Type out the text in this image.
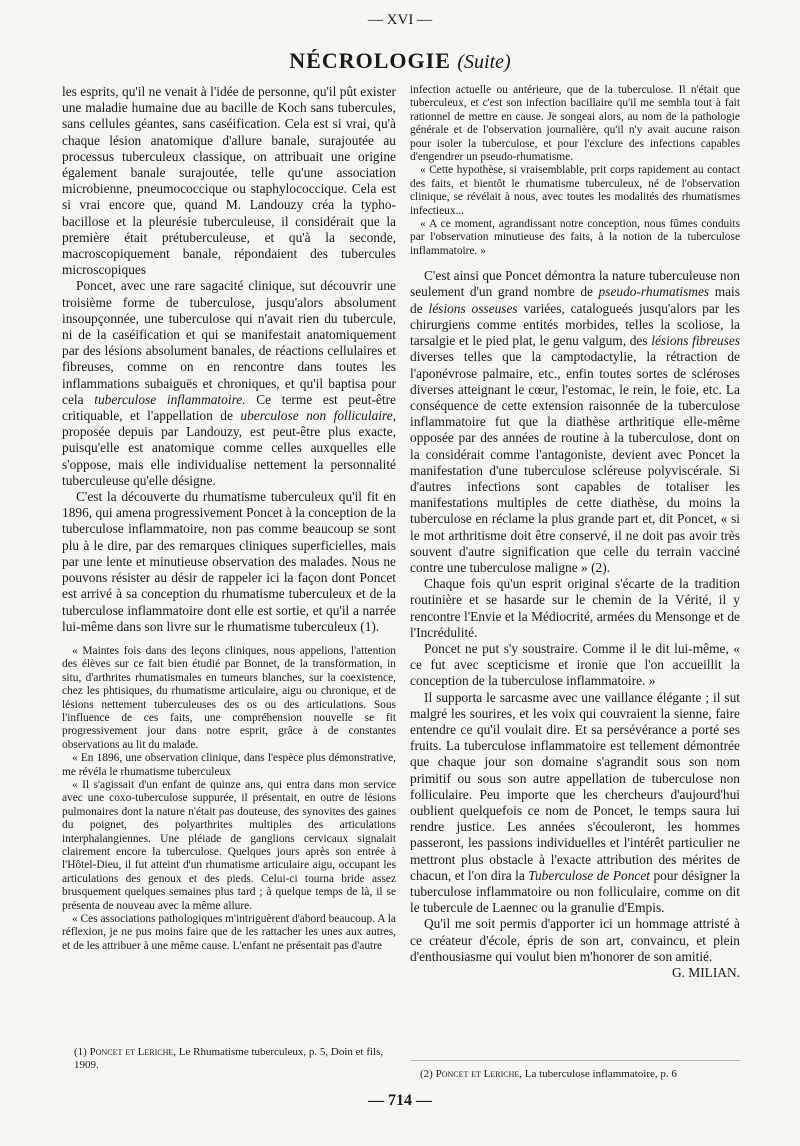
— XVI —
NÉCROLOGIE (Suite)

les esprits, qu'il ne venait à l'idée de personne, qu'il pût exister une maladie humaine due au bacille de Koch sans tubercules, sans cellules géantes, sans caséification. Cela est si vrai, qu'à chaque lésion anatomique d'allure banale, surajoutée au processus tuberculeux classique, on attribuait une origine également banale surajoutée, telle qu'une association microbienne, pneumococcique ou staphylococcique. Cela est si vrai encore que, quand M. Landouzy créa la typho-bacillose et la pleurésie tuberculeuse, il considérait que la première était prétuberculeuse, et qu'à la seconde, macroscopiquement banale, répondaient des tubercules microscopiques

Poncet, avec une rare sagacité clinique, sut découvrir une troisième forme de tuberculose, jusqu'alors absolument insoupçonnée, une tuberculose qui n'avait rien du tubercule, ni de la caséification et qui se manifestait anatomiquement par des lésions absolument banales, de réactions cellulaires et fibreuses, comme on en rencontre dans toutes les inflammations subaiguës et chroniques, et qu'il baptisa pour cela tuberculose inflammatoire. Ce terme est peut-être critiquable, et l'appellation de uberculose non folliculaire, proposée depuis par Landouzy, est peut-être plus exacte, puisqu'elle est anatomique comme celles auxquelles elle s'oppose, mais elle individualise nettement la personnalité tuberculeuse qu'elle désigne.

C'est la découverte du rhumatisme tuberculeux qu'il fit en 1896, qui amena progressivement Poncet à la conception de la tuberculose inflammatoire, non pas comme beaucoup se sont plu à le dire, par des remarques cliniques superficielles, mais par une lente et minutieuse observation des malades. Nous ne pouvons résister au désir de rappeler ici la façon dont Poncet est arrivé à sa conception du rhumatisme tuberculeux et de la tuberculose inflammatoire dont elle est sortie, et qu'il a narrée lui-même dans son livre sur le rhumatisme tuberculeux (1).

« Maintes fois dans des leçons cliniques, nous appelions, l'attention des élèves sur ce fait bien étudié par Bonnet, de la transformation, in situ, d'arthrites rhumatismales en tumeurs blanches, sur la coexistence, chez les phtisiques, du rhumatisme articulaire, aigu ou chronique, et de lésions nettement tuberculeuses des os ou des articulations. Sous l'influence de ces faits, une compréhension nouvelle se fit progressivement jour dans notre esprit, grâce à de constantes observations au lit du malade.

« En 1896, une observation clinique, dans l'espèce plus démonstrative, me révéla le rhumatisme tuberculeux

« Il s'agissait d'un enfant de quinze ans, qui entra dans mon service avec une coxo-tuberculose suppurée, il présentait, en outre de lésions pulmonaires dont la nature n'était pas douteuse, des synovites des gaines du poignet, des polyarthrites multiples des articulations interphalangiennes. Une pléiade de ganglions cervicaux signalait clairement encore la tuberculose. Quelques jours après son entrée à l'Hôtel-Dieu, il fut atteint d'un rhumatisme articulaire aigu, occupant les articulations des genoux et des pieds. Celui-ci tourna bride assez brusquement quelques semaines plus tard ; à quelque temps de là, il se présenta de nouveau avec la même allure.

« Ces associations pathologiques m'intriguèrent d'abord beaucoup. A la réflexion, je ne pus moins faire que de les rattacher les unes aux autres, et de les attribuer à une même cause. L'enfant ne présentait pas d'autre

(1) Poncet et Leriche, Le Rhumatisme tuberculeux, p. 5, Doin et fils, 1909.

infection actuelle ou antérieure, que de la tuberculose. Il n'était que tuberculeux, et c'est son infection bacillaire qu'il me sembla tout à fait rationnel de mettre en cause. Je songeai alors, au nom de la pathologie générale et de l'observation journalière, qu'il n'y avait aucune raison pour isoler la tuberculose, et pour l'exclure des infections capables d'engendrer un pseudo-rhumatisme.

« Cette hypothèse, si vraisemblable, prit corps rapidement au contact des faits, et bientôt le rhumatisme tuberculeux, né de l'observation clinique, se révélait à nous, avec toutes les modalités des rhumatismes infectieux...

« A ce moment, agrandissant notre conception, nous fûmes conduits par l'observation minutieuse des faits, à la notion de la tuberculose inflammatoire. »

C'est ainsi que Poncet démontra la nature tuberculeuse non seulement d'un grand nombre de pseudo-rhumatismes mais de lésions osseuses variées, catalogueés jusqu'alors par les chirurgiens comme entités morbides, telles la scoliose, la tarsalgie et le pied plat, le genu valgum, des lésions fibreuses diverses telles que la camptodactylie, la rétraction de l'aponévrose palmaire, etc., enfin toutes sortes de scléroses diverses atteignant le cœur, l'estomac, le rein, le foie, etc. La conséquence de cette extension raisonnée de la tuberculose inflammatoire fut que la diathèse arthritique elle-même opposée par des années de routine à la tuberculose, dont on la considérait comme l'antagoniste, devient avec Poncet la manifestation d'une tuberculose scléreuse polyviscérale. Si d'autres infections sont capables de totaliser les manifestations multiples de cette diathèse, du moins la tuberculose en réclame la plus grande part et, dit Poncet, « si le mot arthritisme doit être conservé, il ne doit pas avoir très souvent d'autre signification que celle du terrain vacciné contre une tuberculose maligne » (2).

Chaque fois qu'un esprit original s'écarte de la tradition routinière et se hasarde sur le chemin de la Vérité, il y rencontre l'Envie et la Médiocrité, armées du Mensonge et de l'Incrédulité.

Poncet ne put s'y soustraire. Comme il le dit lui-même, « ce fut avec scepticisme et ironie que l'on accueillit la conception de la tuberculose inflammatoire. »

Il supporta le sarcasme avec une vaillance élégante ; il sut malgré les sourires, et les voix qui couvraient la sienne, faire entendre ce qu'il voulait dire. Et sa persévérance a porté ses fruits. La tuberculose inflammatoire est tellement démontrée que chaque jour son domaine s'agrandit sous son nom primitif ou sous son autre appellation de tuberculose non folliculaire. Peu importe que les chercheurs d'aujourd'hui oublient quelquefois ce nom de Poncet, le temps saura lui rendre justice. Les années s'écouleront, les hommes passeront, les passions individuelles et l'intérêt particulier ne mettront plus obstacle à l'exacte attribution des mérites de chacun, et l'on dira la Tuberculose de Poncet pour désigner la tuberculose inflammatoire ou non folliculaire, comme on dit le tubercule de Laennec ou la granulie d'Empis.

Qu'il me soit permis d'apporter ici un hommage attristé à ce créateur d'école, épris de son art, convaincu, et plein d'enthousiasme qui voulut bien m'honorer de son amitié.
G. MILIAN.

(2) Poncet et Leriche, La tuberculose inflammatoire, p. 6
— 714 —
